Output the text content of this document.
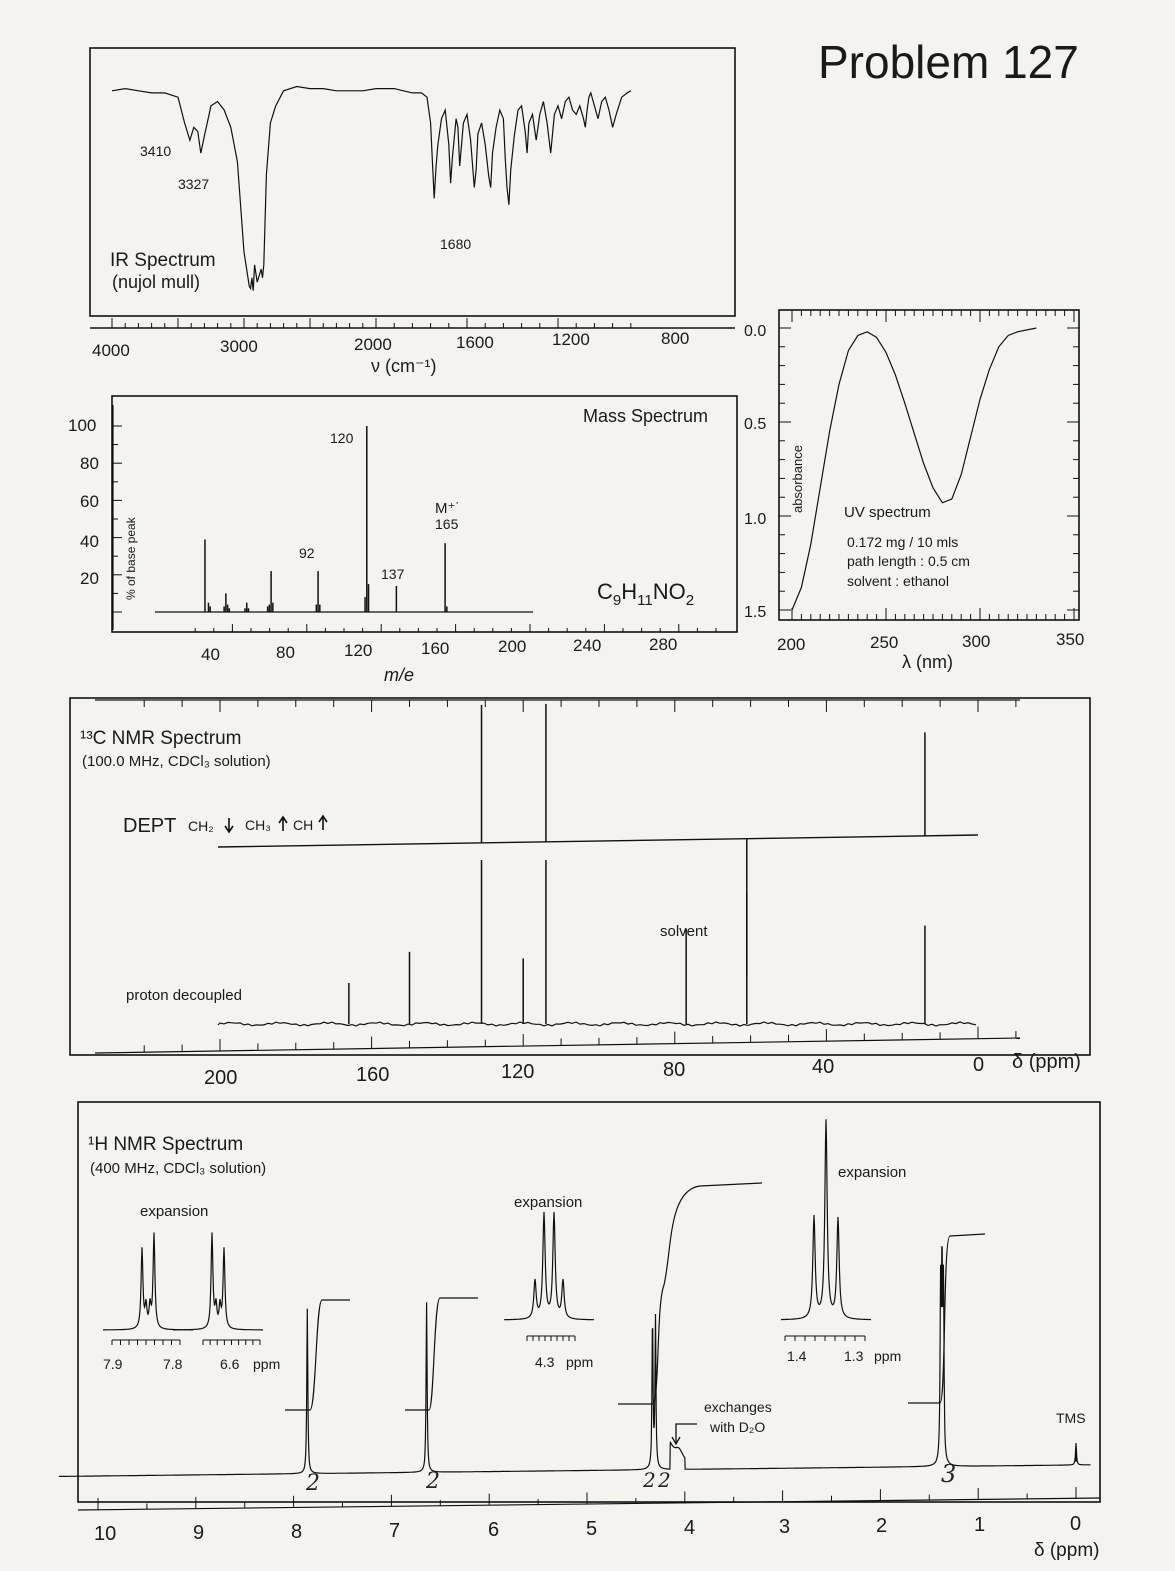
Problem 127
IR Spectrum
(nujol mull)
3410
3327
1680
4000	3000	2000	1600	1200	800
ν (cm⁻¹)
Mass Spectrum
% of base peak
120
92
137
M⁺˙
165
$C_9H_{11}NO_2$
40	80	120	160	200	240	280
m/e
100
80
60
40
20
UV spectrum
0.172 mg / 10 mls
path length : 0.5 cm
solvent : ethanol
absorbance
0.0
0.5
1.0
1.5
200	250	300	350
λ (nm)
¹³C NMR Spectrum
(100.0 MHz, CDCl₃ solution)
DEPT CH₂ CH₃ CH
proton decoupled
solvent
200	160	120	80	40	0 δ (ppm)
¹H NMR Spectrum
(400 MHz, CDCl₃ solution)
expansion
expansion
expansion
7.9	7.8	6.6 ppm	4.3 ppm	1.4	1.3 ppm
exchanges
with D₂O
TMS
2	2	2 2	3
10	9	8	7	6	5	4	3	2	1	0
δ (ppm)
